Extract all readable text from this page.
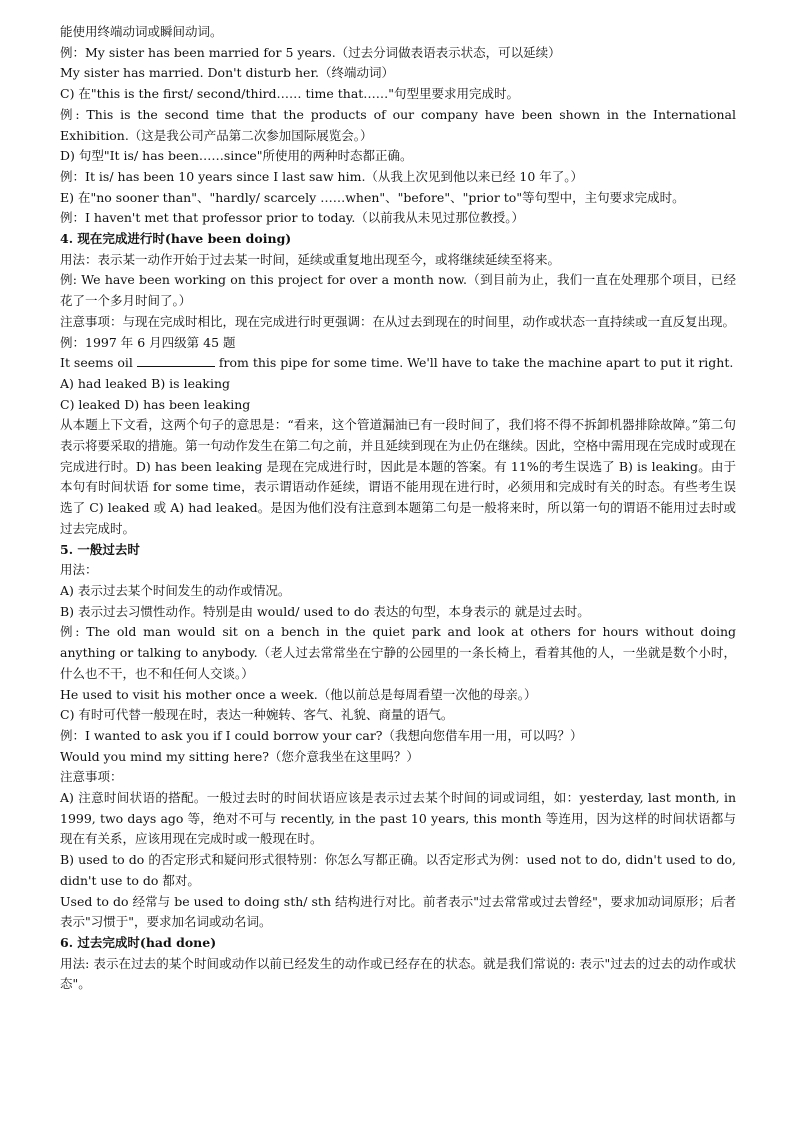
能使用终端动词或瞬间动词。
例：My sister has been married for 5 years.（过去分词做表语表示状态，可以延续）
My sister has married. Don't disturb her.（终端动词）
C) 在"this is the first/ second/third…… time that……"句型里要求用完成时。
例: This is the second time that the products of our company have been shown in the International Exhibition.（这是我公司产品第二次参加国际展览会。）
D) 句型"It is/ has been……since"所使用的两种时态都正确。
例：It is/ has been 10 years since I last saw him.（从我上次见到他以来已经 10 年了。）
E) 在"no sooner than"、"hardly/ scarcely ……when"、"before"、"prior to"等句型中，主句要求完成时。
例：I haven't met that professor prior to today.（以前我从未见过那位教授。）
4. 现在完成进行时(have been doing)
用法：表示某一动作开始于过去某一时间，延续或重复地出现至今，或将继续延续至将来。
例: We have been working on this project for over a month now.（到目前为止，我们一直在处理那个项目，已经花了一个多月时间了。）
注意事项：与现在完成时相比，现在完成进行时更强调：在从过去到现在的时间里，动作或状态一直持续或一直反复出现。
例：1997 年 6 月四级第 45 题
It seems oil	from this pipe for some time. We'll have to take the machine apart to put it right.
A) had leaked B) is leaking
C) leaked D) has been leaking
从本题上下文看，这两个句子的意思是：“看来，这个管道漏油已有一段时间了，我们将不得不拆卸机器排除故障。”第二句表示将要采取的措施。第一句动作发生在第二句之前，并且延续到现在为止仍在继续。因此，空格中需用现在完成时或现在完成进行时。D) has been leaking 是现在完成进行时，因此是本题的答案。有 11%的考生误选了 B) is leaking。由于本句有时间状语 for some time，表示谓语动作延续，谓语不能用现在进行时，必须用和完成时有关的时态。有些考生误选了 C) leaked 或 A) had leaked。是因为他们没有注意到本题第二句是一般将来时，所以第一句的谓语不能用过去时或过去完成时。
5. 一般过去时
用法：
A) 表示过去某个时间发生的动作或情况。
B) 表示过去习惯性动作。特别是由 would/ used to do 表达的句型，本身表示的 就是过去时。
例: The old man would sit on a bench in the quiet park and look at others for hours without doing anything or talking to anybody.（老人过去常常坐在宁静的公园里的一条长椅上，看着其他的人，一坐就是数个小时，什么也不干，也不和任何人交谈。）
He used to visit his mother once a week.（他以前总是每周看望一次他的母亲。）
C) 有时可代替一般现在时，表达一种婉转、客气、礼貌、商量的语气。
例：I wanted to ask you if I could borrow your car?（我想向您借车用一用，可以吗？）
Would you mind my sitting here?（您介意我坐在这里吗？）
注意事项：
A) 注意时间状语的搭配。一般过去时的时间状语应该是表示过去某个时间的词或词组，如：yesterday, last month, in 1999, two days ago 等，绝对不可与 recently, in the past 10 years, this month 等连用，因为这样的时间状语都与现在有关系，应该用现在完成时或一般现在时。
B) used to do 的否定形式和疑问形式很特别：你怎么写都正确。以否定形式为例：used not to do, didn't used to do, didn't use to do 都对。
Used to do 经常与 be used to doing sth/ sth 结构进行对比。前者表示"过去常常或过去曾经"，要求加动词原形；后者表示"习惯于"，要求加名词或动名词。
6. 过去完成时(had done)
用法: 表示在过去的某个时间或动作以前已经发生的动作或已经存在的状态。就是我们常说的: 表示"过去的过去的动作或状态"。
